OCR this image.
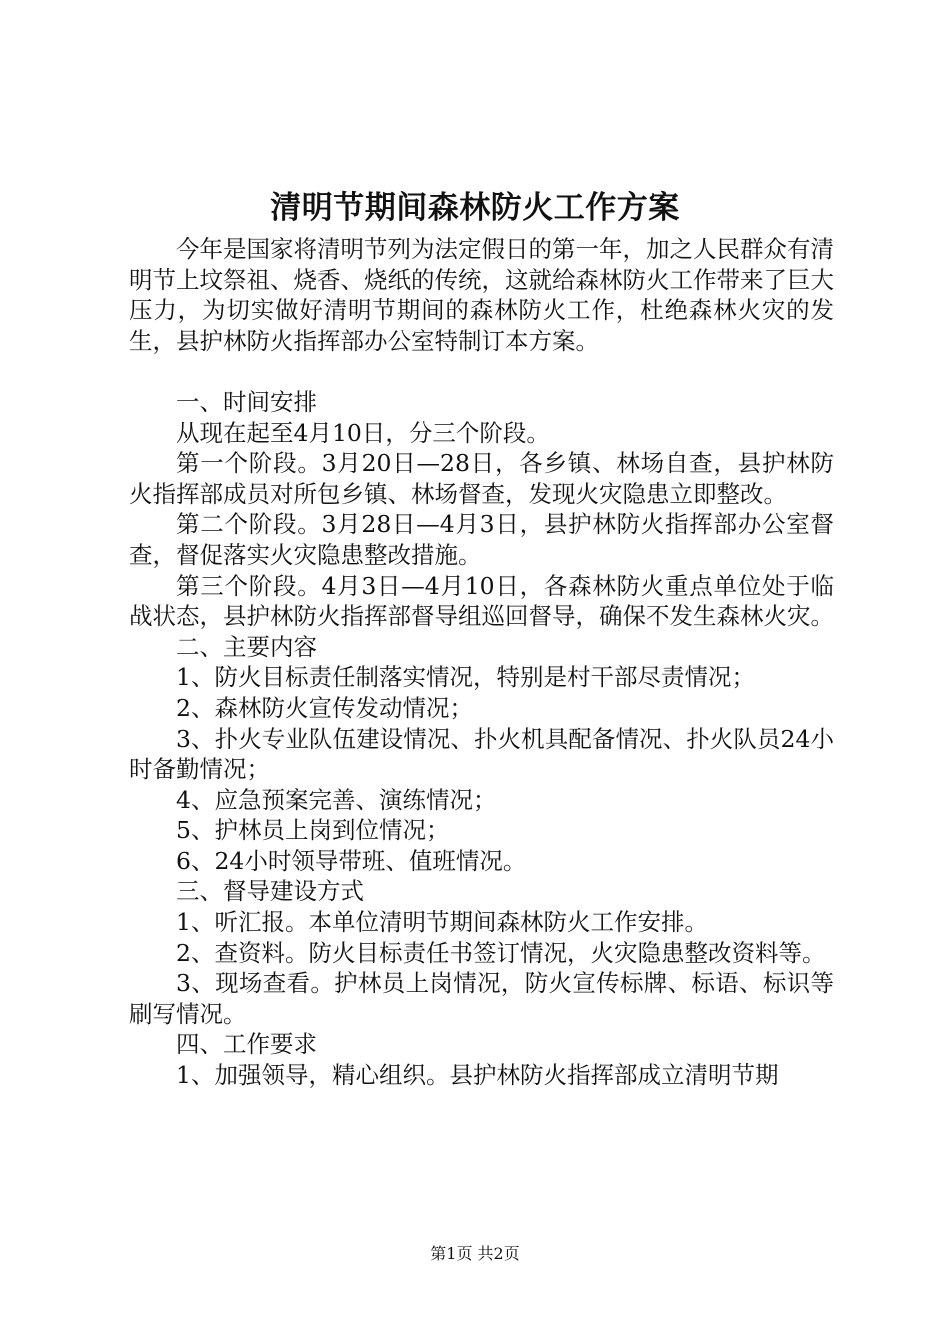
清明节期间森林防火工作方案

今年是国家将清明节列为法定假日的第一年，加之人民群众有清明节上坟祭祖、烧香、烧纸的传统，这就给森林防火工作带来了巨大压力，为切实做好清明节期间的森林防火工作，杜绝森林火灾的发生，县护林防火指挥部办公室特制订本方案。

一、时间安排

从现在起至4月10日，分三个阶段。

第一个阶段。3月20日—28日，各乡镇、林场自查，县护林防火指挥部成员对所包乡镇、林场督查，发现火灾隐患立即整改。

第二个阶段。3月28日—4月3日，县护林防火指挥部办公室督查，督促落实火灾隐患整改措施。

第三个阶段。4月3日—4月10日，各森林防火重点单位处于临战状态，县护林防火指挥部督导组巡回督导，确保不发生森林火灾。

二、主要内容

1、防火目标责任制落实情况，特别是村干部尽责情况；

2、森林防火宣传发动情况；

3、扑火专业队伍建设情况、扑火机具配备情况、扑火队员24小时备勤情况；

4、应急预案完善、演练情况；

5、护林员上岗到位情况；

6、24小时领导带班、值班情况。

三、督导建设方式

1、听汇报。本单位清明节期间森林防火工作安排。

2、查资料。防火目标责任书签订情况，火灾隐患整改资料等。

3、现场查看。护林员上岗情况，防火宣传标牌、标语、标识等刷写情况。

四、工作要求

1、加强领导，精心组织。县护林防火指挥部成立清明节期

第1页 共2页
